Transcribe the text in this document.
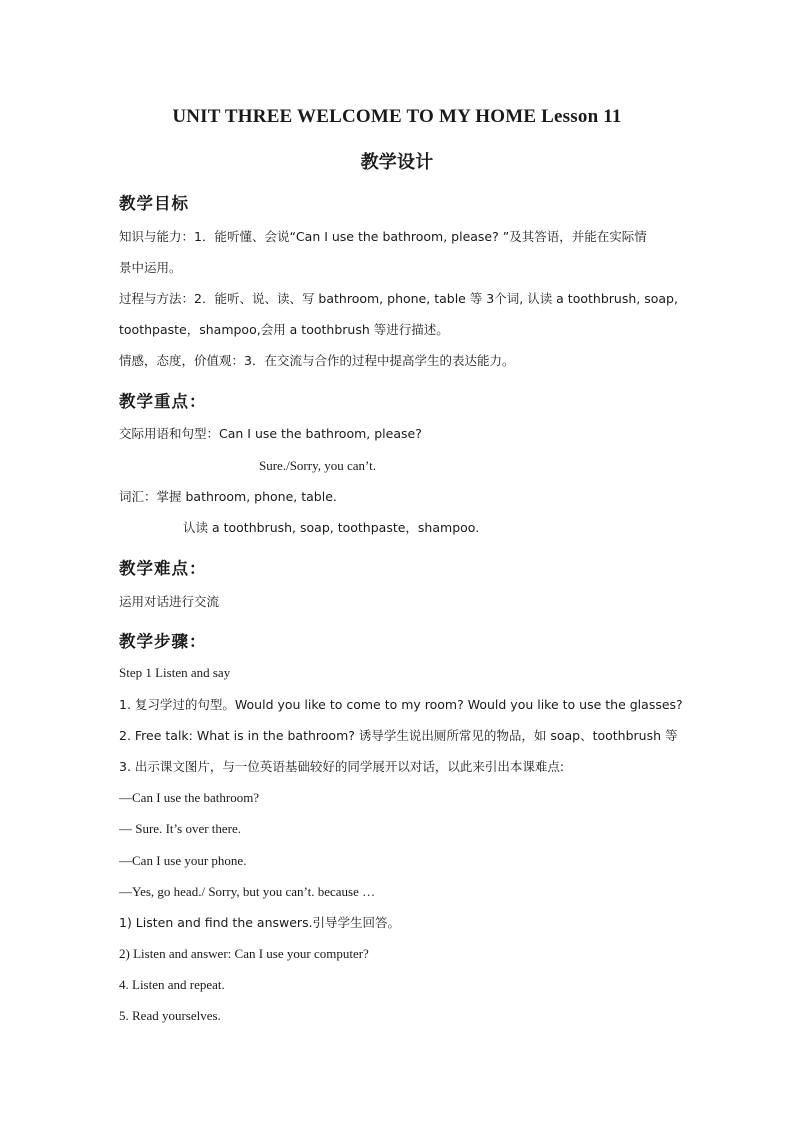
UNIT THREE WELCOME TO MY HOME Lesson 11
教学设计
教学目标
知识与能力：1．能听懂、会说“Can I use the bathroom, please? ”及其答语，并能在实际情
景中运用。
过程与方法：2．能听、说、读、写 bathroom, phone, table 等 3个词, 认读 a toothbrush, soap,
toothpaste，shampoo,会用 a toothbrush 等进行描述。
情感，态度，价值观：3．在交流与合作的过程中提高学生的表达能力。
教学重点：
交际用语和句型：Can I use the bathroom, please?
Sure./Sorry, you can’t.
词汇：掌握 bathroom, phone, table.
认读 a toothbrush, soap, toothpaste，shampoo.
教学难点：
运用对话进行交流
教学步骤：
Step 1 Listen and say
1. 复习学过的句型。Would you like to come to my room? Would you like to use the glasses?
2. Free talk: What is in the bathroom? 诱导学生说出厕所常见的物品，如 soap、toothbrush 等
3. 出示课文图片，与一位英语基础较好的同学展开以对话，以此来引出本课难点:
—Can I use the bathroom?
— Sure. It’s over there.
—Can I use your phone.
—Yes, go head./ Sorry, but you can’t. because …
1) Listen and find the answers.引导学生回答。
2) Listen and answer: Can I use your computer?
4. Listen and repeat.
5. Read yourselves.
